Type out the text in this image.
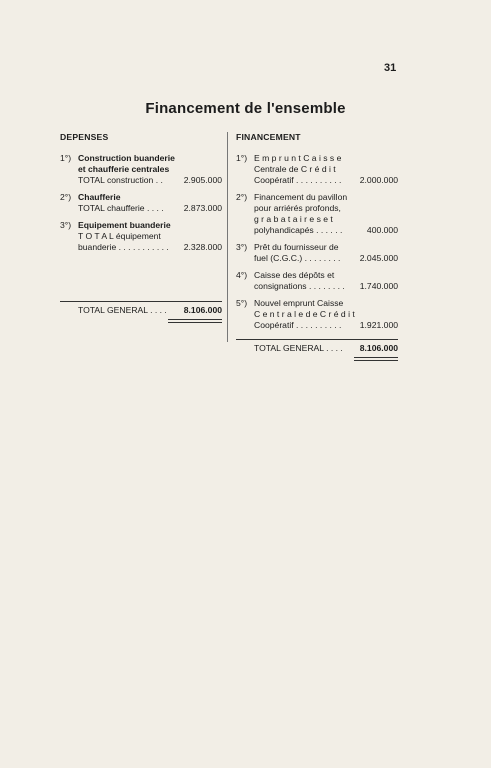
31
Financement de l'ensemble
DEPENSES
1°) Construction buanderie
et chaufferie centrales
TOTAL construction . . 2.905.000
2°) Chaufferie
TOTAL chaufferie . . . . 2.873.000
3°) Equipement buanderie
T O T A L équipement
buanderie . . . . . . . . . . . 2.328.000
TOTAL GENERAL . . . . 8.106.000
FINANCEMENT
1°) E m p r u n t C a i s s e
Centrale de C r é d i t
Coopératif . . . . . . . . . . 2.000.000
2°) Financement du pavillon
pour arriérés profonds,
g r a b a t a i r e s e t
polyhandicapés . . . . . .	400.000
3°) Prêt du fournisseur de
fuel (C.G.C.) . . . . . . . . 2.045.000
4°) Caisse des dépôts et
consignations . . . . . . . . 1.740.000
5°) Nouvel emprunt Caisse
C e n t r a l e d e C r é d i t
Coopératif . . . . . . . . . . 1.921.000
TOTAL GENERAL . . . . 8.106.000
